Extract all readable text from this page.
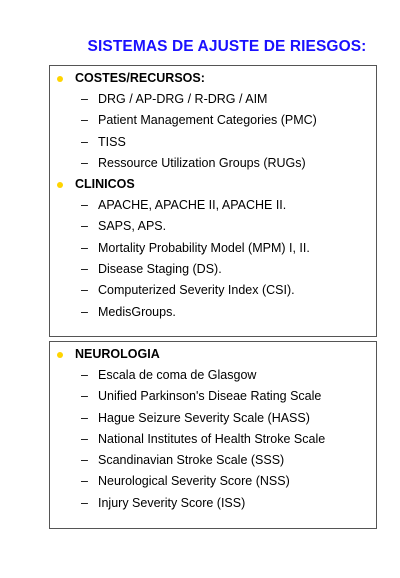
SISTEMAS DE AJUSTE DE RIESGOS:
COSTES/RECURSOS:
– DRG / AP-DRG / R-DRG / AIM
– Patient Management Categories (PMC)
– TISS
– Ressource Utilization Groups (RUGs)
CLINICOS
– APACHE, APACHE II, APACHE II.
– SAPS, APS.
– Mortality Probability Model (MPM) I, II.
– Disease Staging (DS).
– Computerized Severity Index (CSI).
– MedisGroups.
NEUROLOGIA
– Escala de coma de Glasgow
– Unified Parkinson's Diseae Rating Scale
– Hague Seizure Severity Scale (HASS)
– National Institutes of Health Stroke Scale
– Scandinavian Stroke Scale (SSS)
– Neurological Severity Score (NSS)
– Injury Severity Score (ISS)
